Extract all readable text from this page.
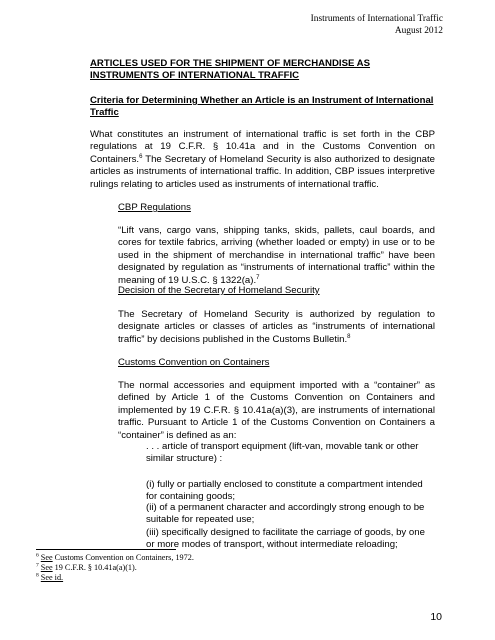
Instruments of International Traffic
August 2012
ARTICLES USED FOR THE SHIPMENT OF MERCHANDISE AS
INSTRUMENTS OF INTERNATIONAL TRAFFIC
Criteria for Determining Whether an Article is an Instrument of International Traffic
What constitutes an instrument of international traffic is set forth in the CBP regulations at 19 C.F.R. § 10.41a and in the Customs Convention on Containers.$^6$ The Secretary of Homeland Security is also authorized to designate articles as instruments of international traffic. In addition, CBP issues interpretive rulings relating to articles used as instruments of international traffic.
CBP Regulations
“Lift vans, cargo vans, shipping tanks, skids, pallets, caul boards, and cores for textile fabrics, arriving (whether loaded or empty) in use or to be used in the shipment of merchandise in international traffic” have been designated by regulation as “instruments of international traffic” within the meaning of 19 U.S.C. § 1322(a).$^7$
Decision of the Secretary of Homeland Security
The Secretary of Homeland Security is authorized by regulation to designate articles or classes of articles as “instruments of international traffic” by decisions published in the Customs Bulletin.$^8$
Customs Convention on Containers
The normal accessories and equipment imported with a “container” as defined by Article 1 of the Customs Convention on Containers and implemented by 19 C.F.R. § 10.41a(a)(3), are instruments of international traffic. Pursuant to Article 1 of the Customs Convention on Containers a “container” is defined as an:
. . . article of transport equipment (lift-van, movable tank or other similar structure) :
(i) fully or partially enclosed to constitute a compartment intended for containing goods;
(ii) of a permanent character and accordingly strong enough to be suitable for repeated use;
(iii) specifically designed to facilitate the carriage of goods, by one or more modes of transport, without intermediate reloading;
$^6$ See Customs Convention on Containers, 1972.
$^7$ See 19 C.F.R. § 10.41a(a)(1).
$^8$ See id.
10
